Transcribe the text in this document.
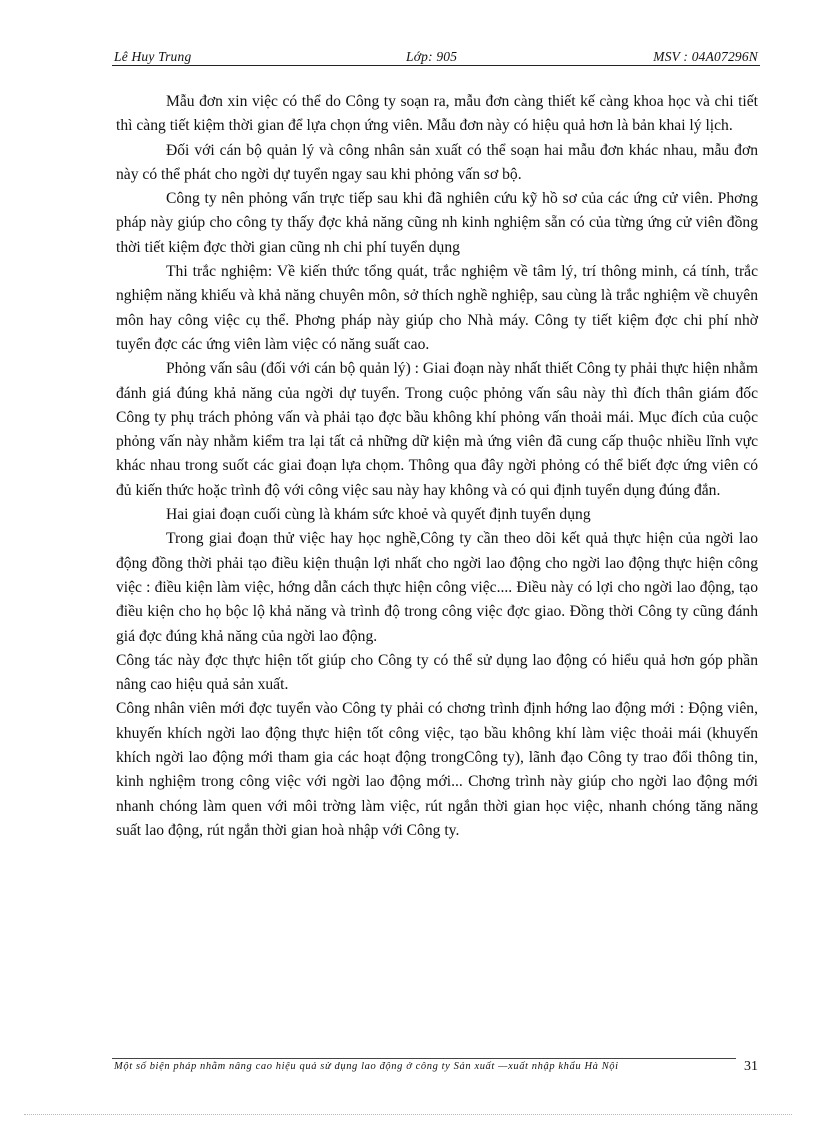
Lê Huy Trung	Lớp: 905	MSV : 04A07296N

Mẫu đơn xin việc có thể do Công ty soạn ra, mẫu đơn càng thiết kế càng khoa học và chi tiết thì càng tiết kiệm thời gian để lựa chọn ứng viên. Mẫu đơn này có hiệu quả hơn là bản khai lý lịch.

Đối với cán bộ quản lý và công nhân sản xuất có thể soạn hai mẫu đơn khác nhau, mẫu đơn này có thể phát cho ngời dự tuyển ngay sau khi phỏng vấn sơ bộ.

Công ty nên phỏng vấn trực tiếp sau khi đã nghiên cứu kỹ hồ sơ của các ứng cử viên. Phơng pháp này giúp cho công ty thấy đợc khả năng cũng nh kinh nghiệm sẵn có của từng ứng cử viên đồng thời tiết kiệm đợc thời gian cũng nh chi phí tuyển dụng

Thi trắc nghiệm: Về kiến thức tổng quát, trắc nghiệm về tâm lý, trí thông minh, cá tính, trắc nghiệm năng khiếu và khả năng chuyên môn, sở thích nghề nghiệp, sau cùng là trắc nghiệm về chuyên môn hay công việc cụ thể. Phơng pháp này giúp cho Nhà máy. Công ty tiết kiệm đợc chi phí nhờ tuyển đợc các ứng viên làm việc có năng suất cao.

Phỏng vấn sâu (đối với cán bộ quản lý) : Giai đoạn này nhất thiết Công ty phải thực hiện nhằm đánh giá đúng khả năng của ngời dự tuyển. Trong cuộc phỏng vấn sâu này thì đích thân giám đốc Công ty phụ trách phỏng vấn và phải tạo đợc bầu không khí phỏng vấn thoải mái. Mục đích của cuộc phỏng vấn này nhằm kiểm tra lại tất cả những dữ kiện mà ứng viên đã cung cấp thuộc nhiều lĩnh vực khác nhau trong suốt các giai đoạn lựa chọm. Thông qua đây ngời phỏng có thể biết đợc ứng viên có đủ kiến thức hoặc trình độ với công việc sau này hay không và có qui định tuyển dụng đúng đắn.

Hai giai đoạn cuối cùng là khám sức khoẻ và quyết định tuyển dụng

Trong giai đoạn thử việc hay học nghề,Công ty cần theo dõi kết quả thực hiện của ngời lao động đồng thời phải tạo điều kiện thuận lợi nhất cho ngời lao động cho ngời lao động thực hiện công việc : điều kiện làm việc, hớng dẫn cách thực hiện công việc.... Điều này có lợi cho ngời lao động, tạo điều kiện cho họ bộc lộ khả năng và trình độ trong công việc đợc giao. Đồng thời Công ty cũng đánh giá đợc đúng khả năng của ngời lao động.

Công tác này đợc thực hiện tốt giúp cho Công ty có thể sử dụng lao động có hiểu quả hơn góp phần nâng cao hiệu quả sản xuất.

Công nhân viên mới đợc tuyển vào Công ty phải có chơng trình định hớng lao động mới : Động viên, khuyến khích ngời lao động thực hiện tốt công việc, tạo bầu không khí làm việc thoải mái (khuyến khích ngời lao động mới tham gia các hoạt động trongCông ty), lãnh đạo Công ty trao đổi thông tin, kinh nghiệm trong công việc với ngời lao động mới... Chơng trình này giúp cho ngời lao động mới nhanh chóng làm quen với môi trờng làm việc, rút ngắn thời gian học việc, nhanh chóng tăng năng suất lao động, rút ngắn thời gian hoà nhập với Công ty.

Một số biện pháp nhằm nâng cao hiệu quả sử dụng lao động ở công ty Sản xuất —xuất nhập khẩu Hà Nội	31
